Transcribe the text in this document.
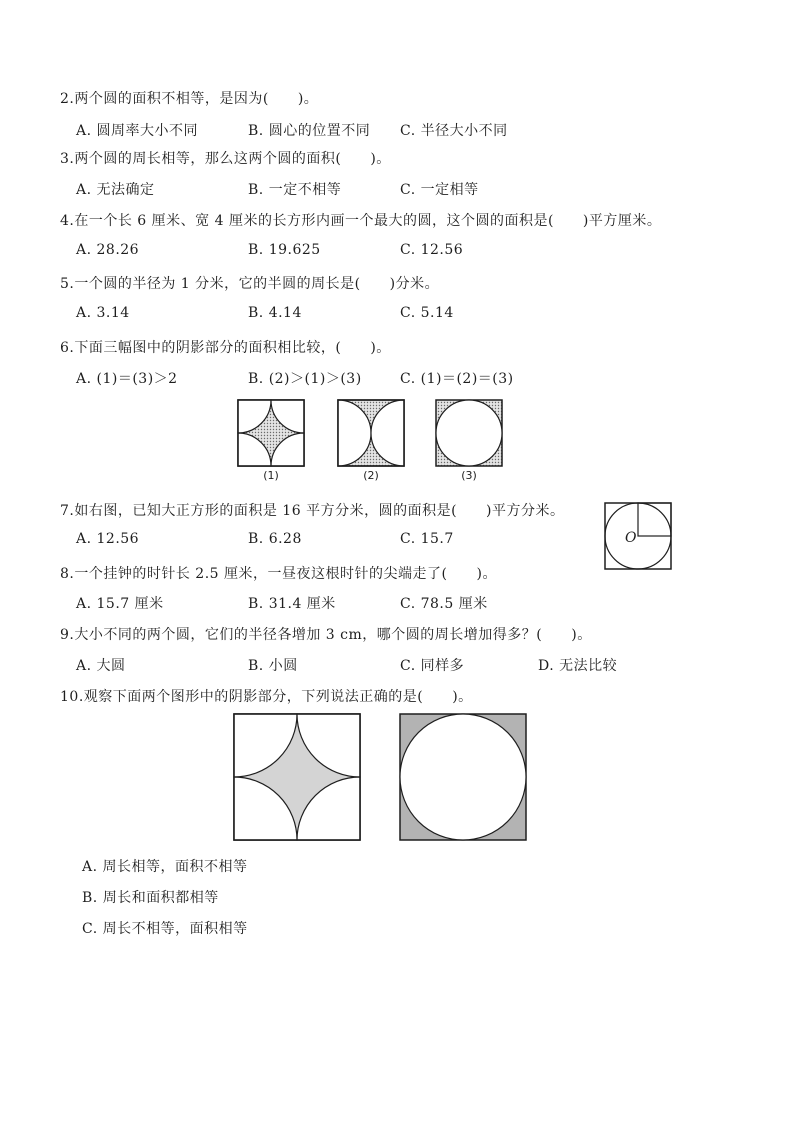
2.两个圆的面积不相等，是因为(　　)。
A. 圆周率大小不同	B. 圆心的位置不同 C. 半径大小不同
3.两个圆的周长相等，那么这两个圆的面积(　　)。
A. 无法确定	B. 一定不相等	C. 一定相等
4.在一个长 6 厘米、宽 4 厘米的长方形内画一个最大的圆，这个圆的面积是(　　)平方厘米。
A. 28.26	B. 19.625	C. 12.56
5.一个圆的半径为 1 分米，它的半圆的周长是(　　)分米。
A. 3.14	B. 4.14	C. 5.14
6.下面三幅图中的阴影部分的面积相比较，(　　)。
A. (1)＝(3)＞2	B. (2)＞(1)＞(3)	C. (1)＝(2)＝(3)
(1)	(2)	(3)
7.如右图，已知大正方形的面积是 16 平方分米，圆的面积是(　　)平方分米。
A. 12.56	B. 6.28	C. 15.7	O
8.一个挂钟的时针长 2.5 厘米，一昼夜这根时针的尖端走了(　　)。
A. 15.7 厘米	B. 31.4 厘米	C. 78.5 厘米
9.大小不同的两个圆，它们的半径各增加 3 cm，哪个圆的周长增加得多？(　　)。
A. 大圆	B. 小圆	C. 同样多	D. 无法比较
10.观察下面两个图形中的阴影部分，下列说法正确的是(　　)。
A. 周长相等，面积不相等
B. 周长和面积都相等
C. 周长不相等，面积相等
